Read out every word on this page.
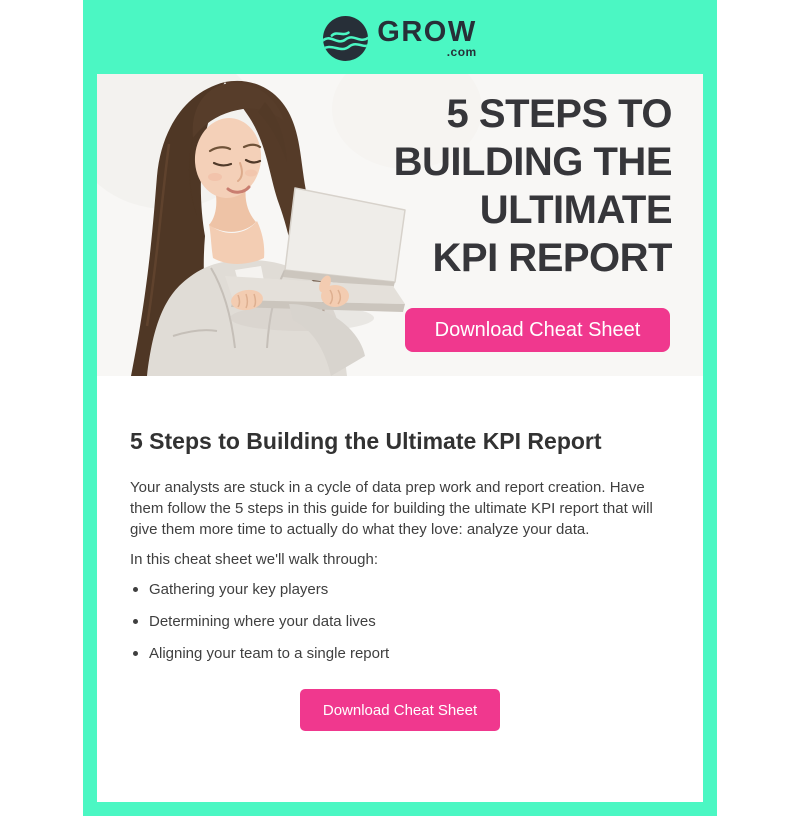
GROW
.com
5 STEPS TO
BUILDING THE
ULTIMATE
KPI REPORT
Download Cheat Sheet
5 Steps to Building the Ultimate KPI Report

Your analysts are stuck in a cycle of data prep work and report creation. Have them follow the 5 steps in this guide for building the ultimate KPI report that will give them more time to actually do what they love: analyze your data.

In this cheat sheet we'll walk through:

Gathering your key players
Determining where your data lives
Aligning your team to a single report
Download Cheat Sheet
